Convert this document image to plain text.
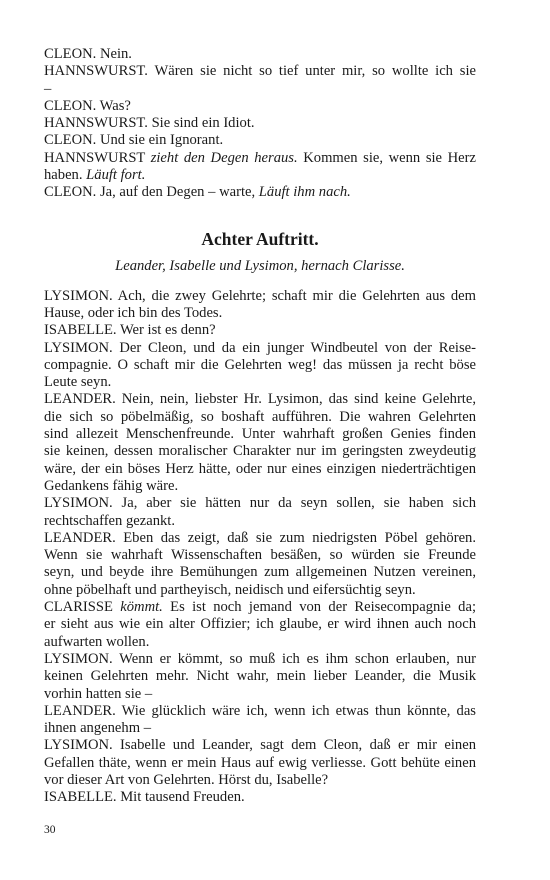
CLEON. Nein.
HANNSWURST. Wären sie nicht so tief unter mir, so wollte ich sie
–
CLEON. Was?
HANNSWURST. Sie sind ein Idiot.
CLEON. Und sie ein Ignorant.
HANNSWURST zieht den Degen heraus. Kommen sie, wenn sie Herz
haben. Läuft fort.
CLEON. Ja, auf den Degen – warte, Läuft ihm nach.
Achter Auftritt.
Leander, Isabelle und Lysimon, hernach Clarisse.
LYSIMON. Ach, die zwey Gelehrte; schaft mir die Gelehrten aus dem
Hause, oder ich bin des Todes.
ISABELLE. Wer ist es denn?
LYSIMON. Der Cleon, und da ein junger Windbeutel von der Reise-
compagnie. O schaft mir die Gelehrten weg! das müssen ja recht böse
Leute seyn.
LEANDER. Nein, nein, liebster Hr. Lysimon, das sind keine Gelehrte,
die sich so pöbelmäßig, so boshaft aufführen. Die wahren Gelehrten
sind allezeit Menschenfreunde. Unter wahrhaft großen Genies finden
sie keinen, dessen moralischer Charakter nur im geringsten zweydeutig
wäre, der ein böses Herz hätte, oder nur eines einzigen niederträchtigen
Gedankens fähig wäre.
LYSIMON. Ja, aber sie hätten nur da seyn sollen, sie haben sich
rechtschaffen gezankt.
LEANDER. Eben das zeigt, daß sie zum niedrigsten Pöbel gehören.
Wenn sie wahrhaft Wissenschaften besäßen, so würden sie Freunde
seyn, und beyde ihre Bemühungen zum allgemeinen Nutzen vereinen,
ohne pöbelhaft und partheyisch, neidisch und eifersüchtig seyn.
CLARISSE kömmt. Es ist noch jemand von der Reisecompagnie da;
er sieht aus wie ein alter Offizier; ich glaube, er wird ihnen auch noch
aufwarten wollen.
LYSIMON. Wenn er kömmt, so muß ich es ihm schon erlauben, nur
keinen Gelehrten mehr. Nicht wahr, mein lieber Leander, die Musik
vorhin hatten sie –
LEANDER. Wie glücklich wäre ich, wenn ich etwas thun könnte, das
ihnen angenehm –
LYSIMON. Isabelle und Leander, sagt dem Cleon, daß er mir einen
Gefallen thäte, wenn er mein Haus auf ewig verliesse. Gott behüte einen
vor dieser Art von Gelehrten. Hörst du, Isabelle?
ISABELLE. Mit tausend Freuden.
30
